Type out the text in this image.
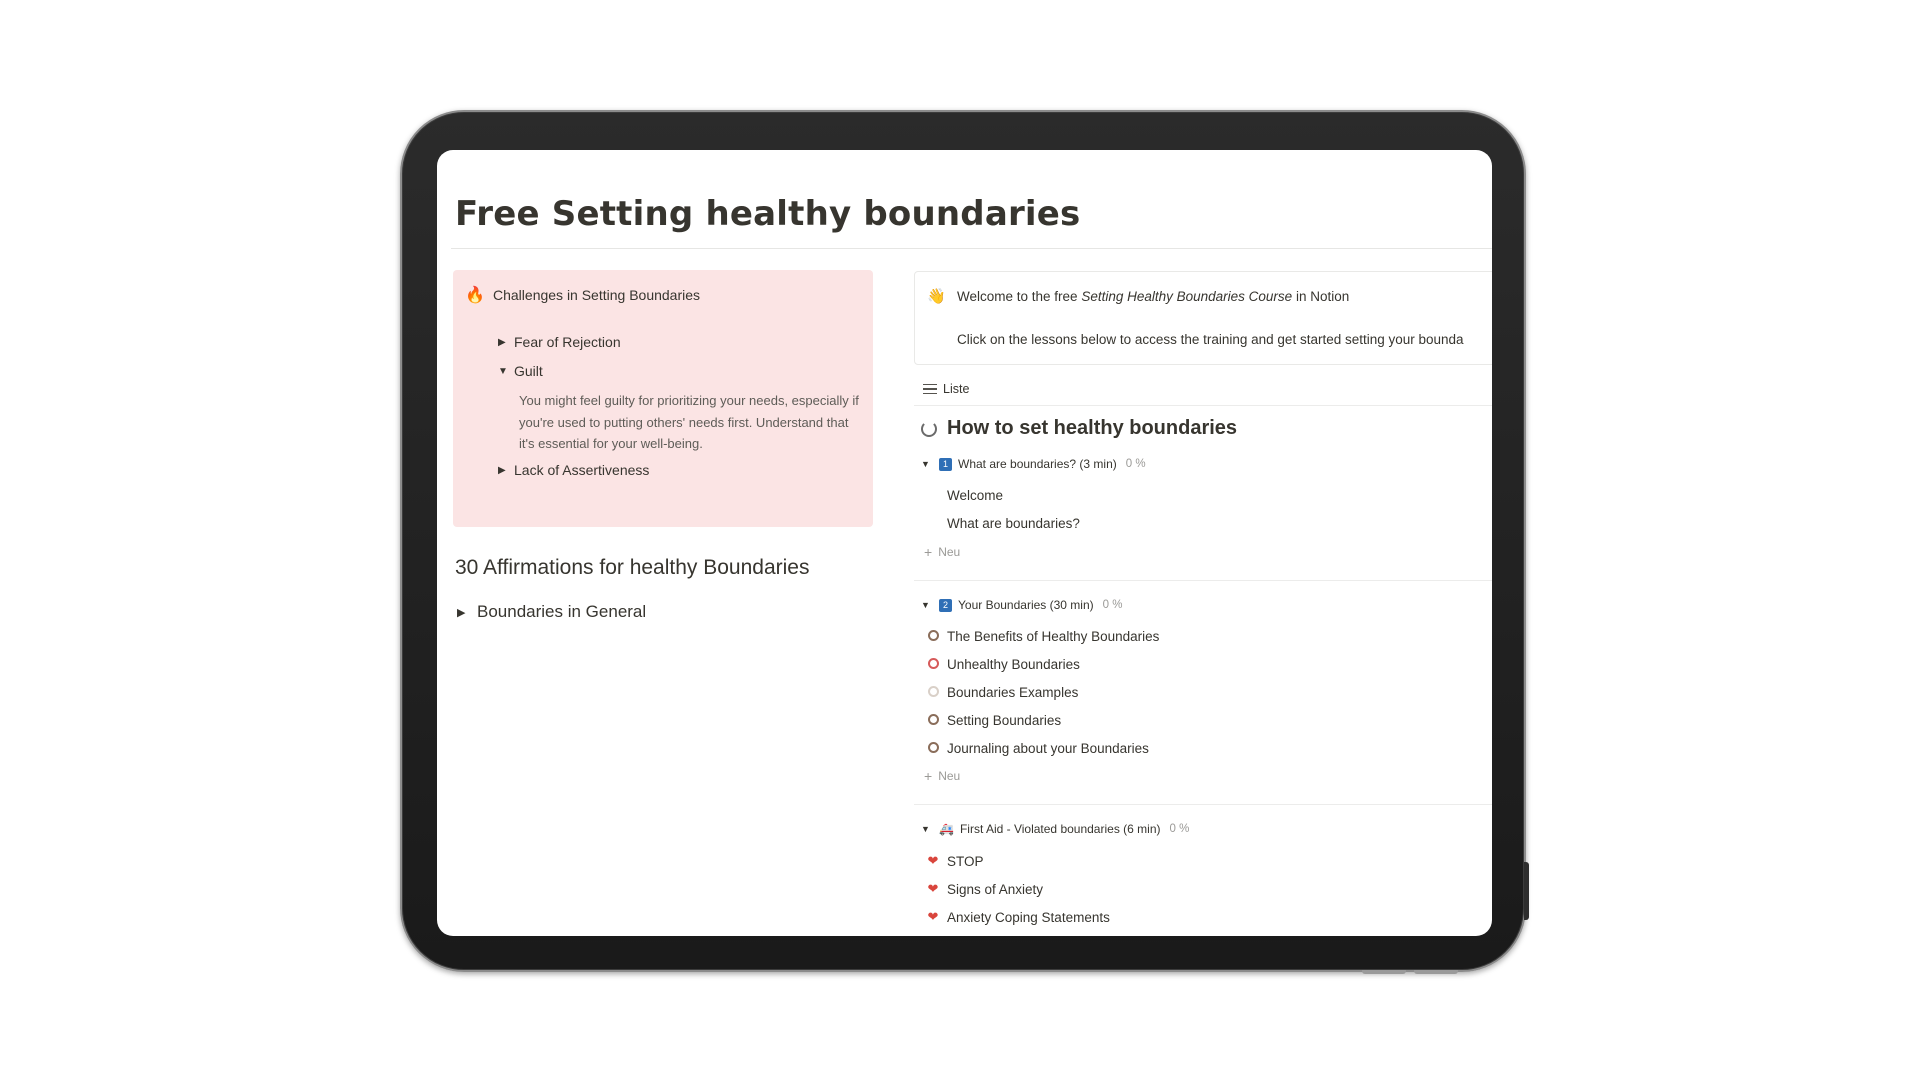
Free Setting healthy boundaries
🔥 Challenges in Setting Boundaries
▶ Fear of Rejection
▼ Guilt
You might feel guilty for prioritizing your needs, especially if you're used to putting others' needs first. Understand that it's essential for your well-being.
▶ Lack of Assertiveness
30 Affirmations for healthy Boundaries
▶ Boundaries in General
👋 Welcome to the free Setting Healthy Boundaries Course in Notion
Click on the lessons below to access the training and get started setting your bounda
Liste
How to set healthy boundaries
▼	1 What are boundaries? (3 min) 0 %
Welcome
What are boundaries?
+ Neu
▼	2 Your Boundaries (30 min) 0 %
The Benefits of Healthy Boundaries
Unhealthy Boundaries
Boundaries Examples
Setting Boundaries
Journaling about your Boundaries
+ Neu
▼ 🚑 First Aid - Violated boundaries (6 min) 0 %
❤ STOP
❤ Signs of Anxiety
❤ Anxiety Coping Statements
